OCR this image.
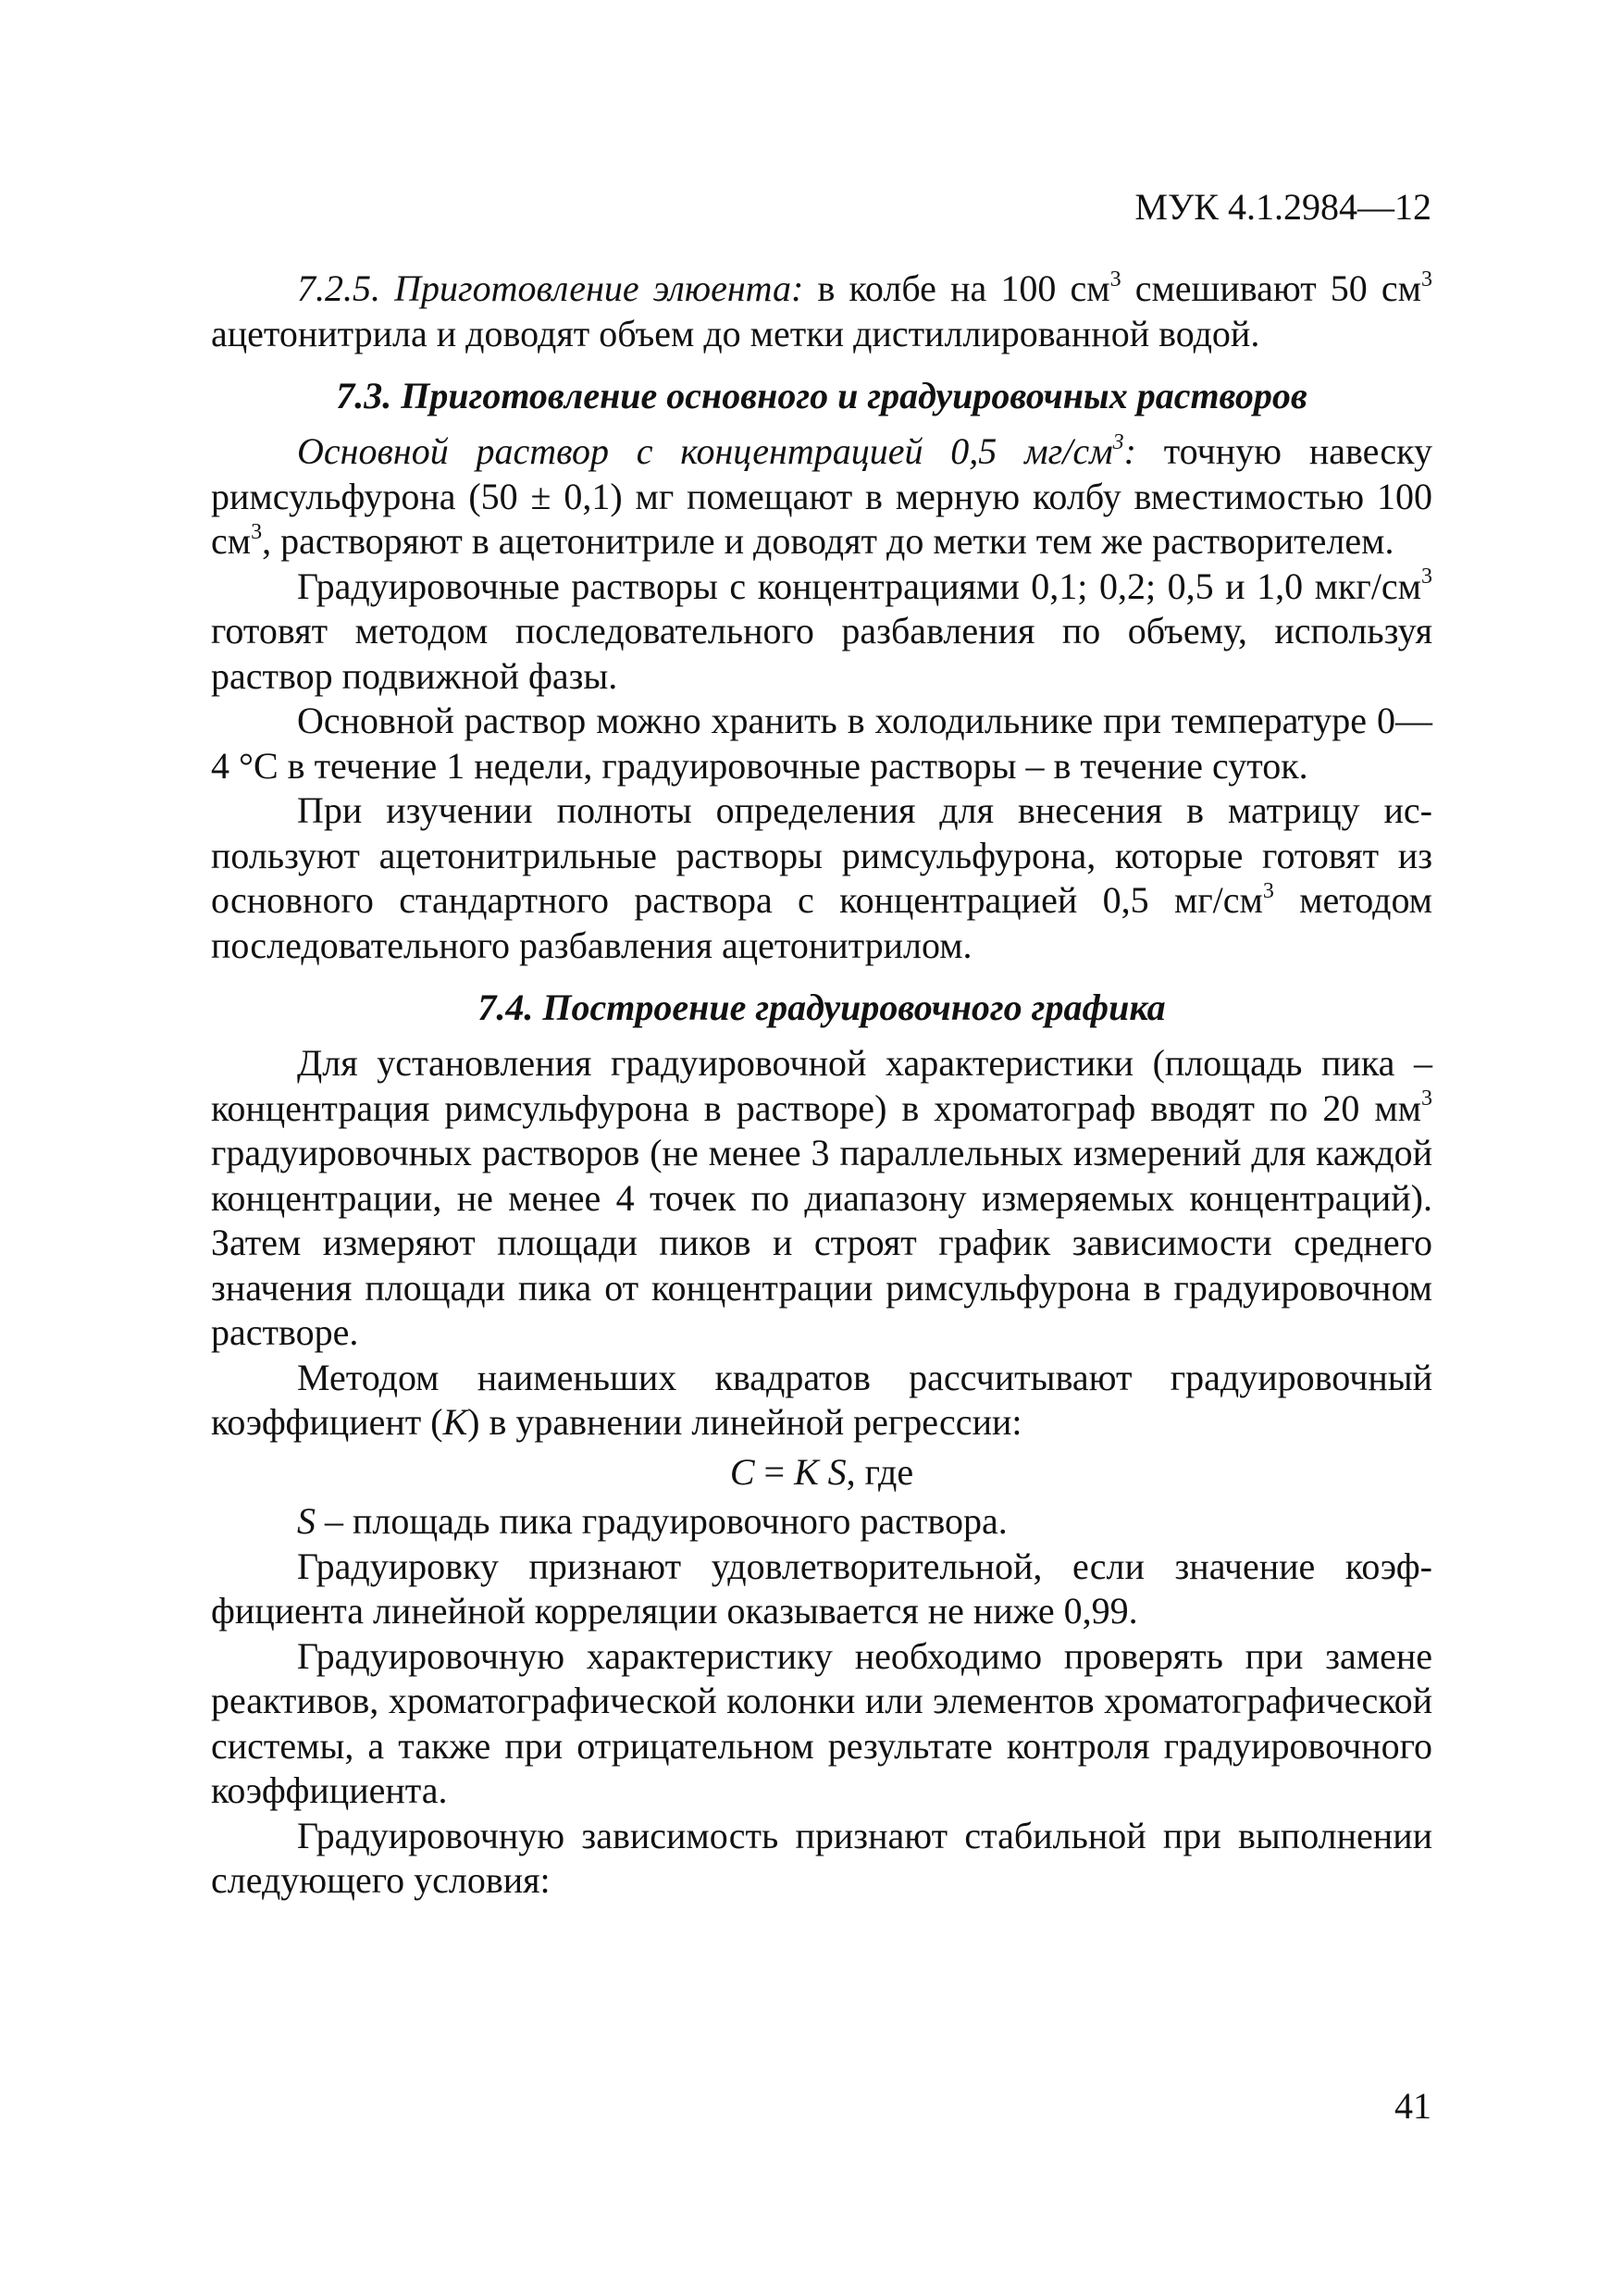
МУК 4.1.2984—12

7.2.5. Приготовление элюента: в колбе на 100 $см^3$ смешивают 50 $см^3$ ацетонитрила и доводят объем до метки дистиллированной водой.

7.3. Приготовление основного и градуировочных растворов

Основной раствор с концентрацией 0,5 $мг/см^3$: точную навеску римсульфурона (50 ± 0,1) мг помещают в мерную колбу вместимостью 100 $см^3$, растворяют в ацетонитриле и доводят до метки тем же растворителем.

Градуировочные растворы с концентрациями 0,1; 0,2; 0,5 и 1,0 мкг/$см^3$ готовят методом последовательного разбавления по объему, используя раствор подвижной фазы.

Основной раствор можно хранить в холодильнике при температуре 0—4 °С в течение 1 недели, градуировочные растворы – в течение суток.

При изучении полноты определения для внесения в матрицу используют ацетонитрильные растворы римсульфурона, которые готовят из основного стандартного раствора с концентрацией 0,5 $мг/см^3$ методом последовательного разбавления ацетонитрилом.

7.4. Построение градуировочного графика

Для установления градуировочной характеристики (площадь пика – концентрация римсульфурона в растворе) в хроматограф вводят по 20 $мм^3$ градуировочных растворов (не менее 3 параллельных измерений для каждой концентрации, не менее 4 точек по диапазону измеряемых концентраций). Затем измеряют площади пиков и строят график зависимости среднего значения площади пика от концентрации римсульфурона в градуировочном растворе.

Методом наименьших квадратов рассчитывают градуировочный коэффициент (К) в уравнении линейной регрессии:

С = К S, где

S – площадь пика градуировочного раствора.

Градуировку признают удовлетворительной, если значение коэффициента линейной корреляции оказывается не ниже 0,99.

Градуировочную характеристику необходимо проверять при замене реактивов, хроматографической колонки или элементов хроматографической системы, а также при отрицательном результате контроля градуировочного коэффициента.

Градуировочную зависимость признают стабильной при выполнении следующего условия:

41
